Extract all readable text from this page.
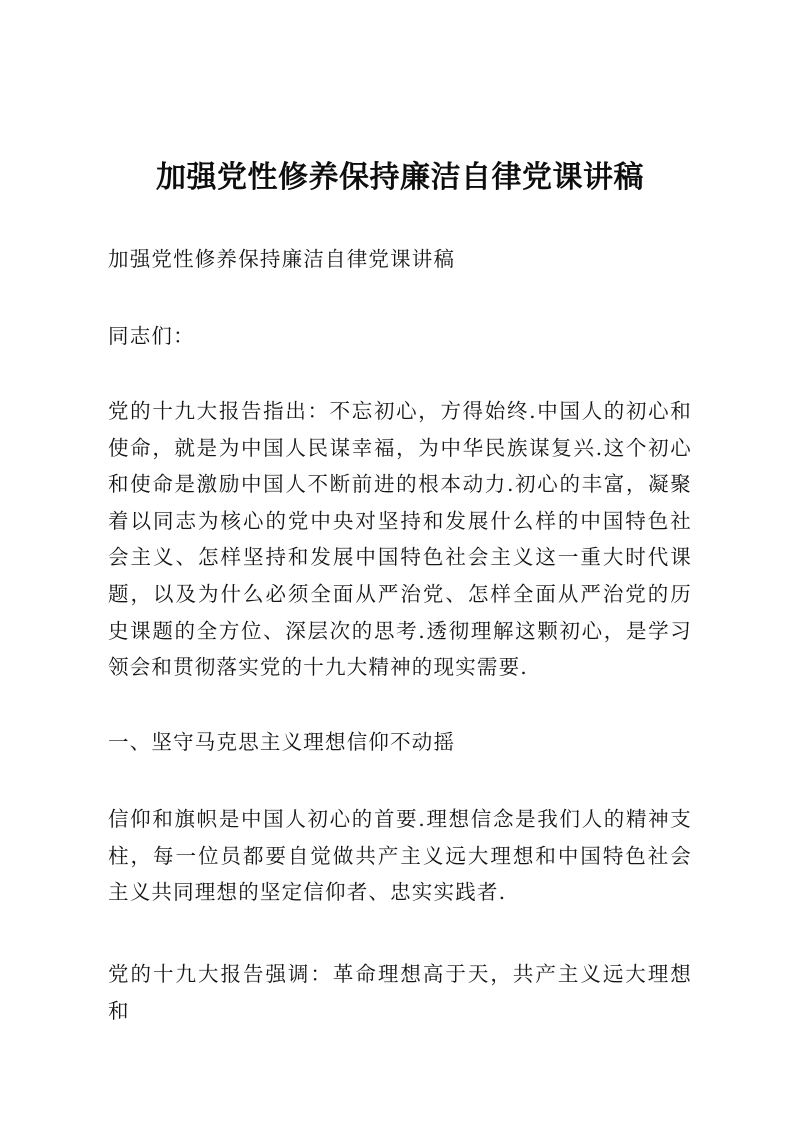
加强党性修养保持廉洁自律党课讲稿
加强党性修养保持廉洁自律党课讲稿
同志们：
党的十九大报告指出：不忘初心，方得始终.中国人的初心和使命，就是为中国人民谋幸福，为中华民族谋复兴.这个初心和使命是激励中国人不断前进的根本动力.初心的丰富，凝聚着以同志为核心的党中央对坚持和发展什么样的中国特色社会主义、怎样坚持和发展中国特色社会主义这一重大时代课题，以及为什么必须全面从严治党、怎样全面从严治党的历史课题的全方位、深层次的思考.透彻理解这颗初心，是学习领会和贯彻落实党的十九大精神的现实需要.
一、坚守马克思主义理想信仰不动摇
信仰和旗帜是中国人初心的首要.理想信念是我们人的精神支柱，每一位员都要自觉做共产主义远大理想和中国特色社会主义共同理想的坚定信仰者、忠实实践者.
党的十九大报告强调：革命理想高于天，共产主义远大理想和
